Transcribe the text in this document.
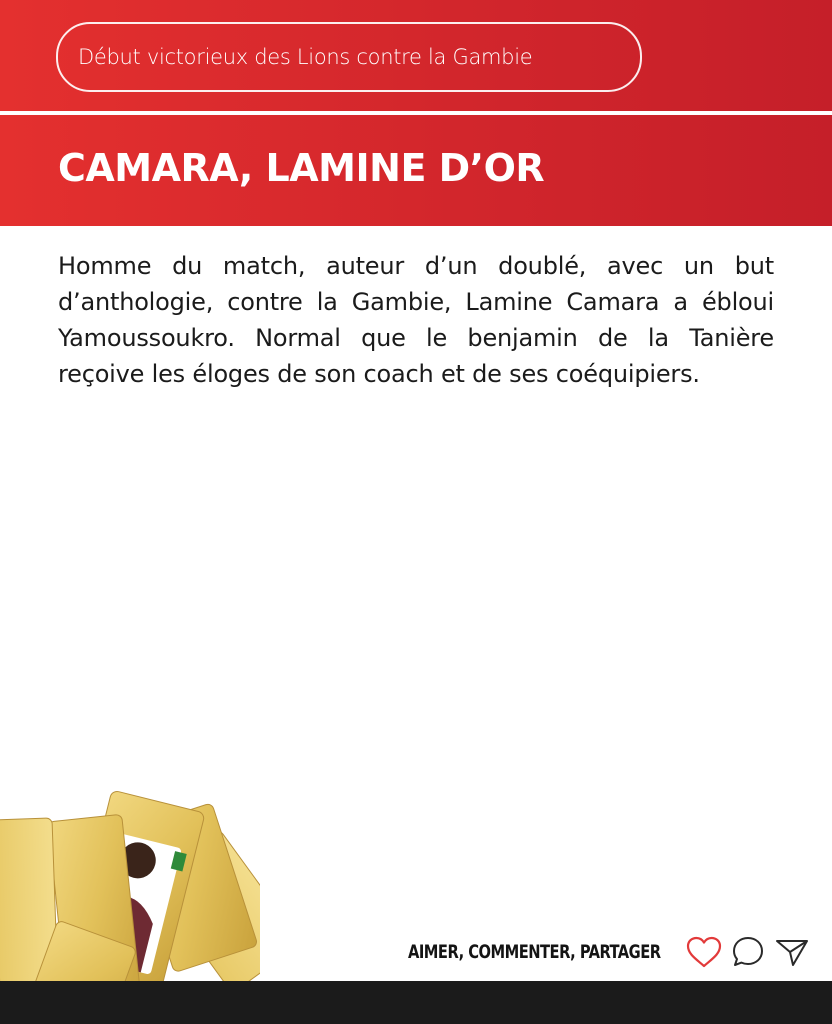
Début victorieux des Lions contre la Gambie
CAMARA, LAMINE D’OR

Homme du match, auteur d’un doublé, avec un but d’anthologie, contre la Gambie, Lamine Camara a ébloui Yamoussoukro. Normal que le benjamin de la Tanière reçoive les éloges de son coach et de ses coéquipiers.

AIMER, COMMENTER, PARTAGER
